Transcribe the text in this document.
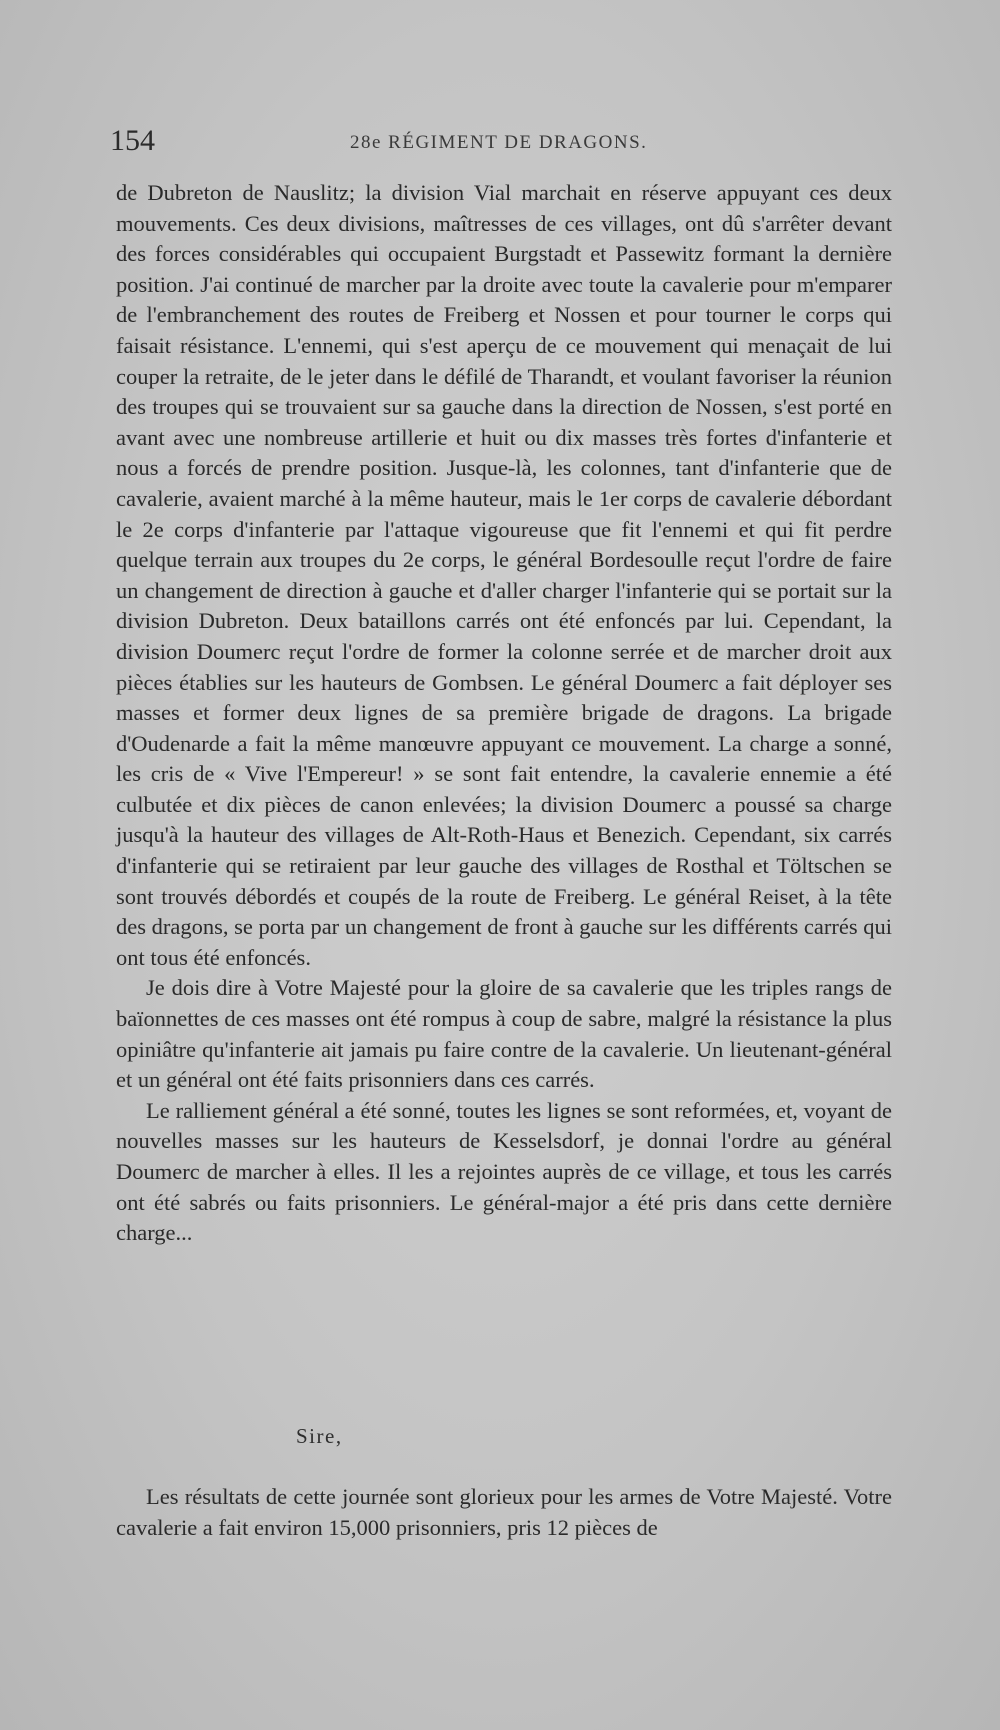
154	28e RÉGIMENT DE DRAGONS.

de Dubreton de Nauslitz; la division Vial marchait en réserve appuyant ces deux mouvements. Ces deux divisions, maîtresses de ces villages, ont dû s'arrêter devant des forces considérables qui occupaient Burgstadt et Passewitz formant la dernière position. J'ai continué de marcher par la droite avec toute la cavalerie pour m'emparer de l'embranchement des routes de Freiberg et Nossen et pour tourner le corps qui faisait résistance. L'ennemi, qui s'est aperçu de ce mouvement qui menaçait de lui couper la retraite, de le jeter dans le défilé de Tharandt, et voulant favoriser la réunion des troupes qui se trouvaient sur sa gauche dans la direction de Nossen, s'est porté en avant avec une nombreuse artillerie et huit ou dix masses très fortes d'infanterie et nous a forcés de prendre position. Jusque-là, les colonnes, tant d'infanterie que de cavalerie, avaient marché à la même hauteur, mais le 1er corps de cavalerie débordant le 2e corps d'infanterie par l'attaque vigoureuse que fit l'ennemi et qui fit perdre quelque terrain aux troupes du 2e corps, le général Bordesoulle reçut l'ordre de faire un changement de direction à gauche et d'aller charger l'infanterie qui se portait sur la division Dubreton. Deux bataillons carrés ont été enfoncés par lui. Cependant, la division Doumerc reçut l'ordre de former la colonne serrée et de marcher droit aux pièces établies sur les hauteurs de Gombsen. Le général Doumerc a fait déployer ses masses et former deux lignes de sa première brigade de dragons. La brigade d'Oudenarde a fait la même manœuvre appuyant ce mouvement. La charge a sonné, les cris de « Vive l'Empereur! » se sont fait entendre, la cavalerie ennemie a été culbutée et dix pièces de canon enlevées; la division Doumerc a poussé sa charge jusqu'à la hauteur des villages de Alt-Roth-Haus et Benezich. Cependant, six carrés d'infanterie qui se retiraient par leur gauche des villages de Rosthal et Töltschen se sont trouvés débordés et coupés de la route de Freiberg. Le général Reiset, à la tête des dragons, se porta par un changement de front à gauche sur les différents carrés qui ont tous été enfoncés.

Je dois dire à Votre Majesté pour la gloire de sa cavalerie que les triples rangs de baïonnettes de ces masses ont été rompus à coup de sabre, malgré la résistance la plus opiniâtre qu'infanterie ait jamais pu faire contre de la cavalerie. Un lieutenant-général et un général ont été faits prisonniers dans ces carrés.

Le ralliement général a été sonné, toutes les lignes se sont reformées, et, voyant de nouvelles masses sur les hauteurs de Kesselsdorf, je donnai l'ordre au général Doumerc de marcher à elles. Il les a rejointes auprès de ce village, et tous les carrés ont été sabrés ou faits prisonniers. Le général-major a été pris dans cette dernière charge...

Sire,

Les résultats de cette journée sont glorieux pour les armes de Votre Majesté. Votre cavalerie a fait environ 15,000 prisonniers, pris 12 pièces de
